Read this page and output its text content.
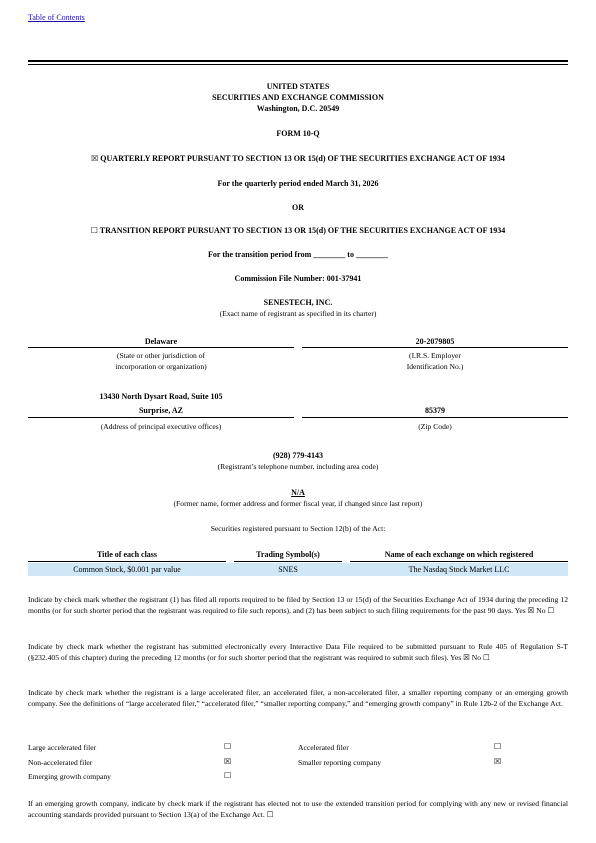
Table of Contents
UNITED STATES
SECURITIES AND EXCHANGE COMMISSION
Washington, D.C. 20549
FORM 10-Q
☒ QUARTERLY REPORT PURSUANT TO SECTION 13 OR 15(d) OF THE SECURITIES EXCHANGE ACT OF 1934
For the quarterly period ended March 31, 2026
OR
☐ TRANSITION REPORT PURSUANT TO SECTION 13 OR 15(d) OF THE SECURITIES EXCHANGE ACT OF 1934
For the transition period from ________ to ________
Commission File Number: 001-37941
SENESTECH, INC.
(Exact name of registrant as specified in its charter)
Delaware	20-2079805
(State or other jurisdiction of
incorporation or organization)
(I.R.S. Employer
Identification No.)
13430 North Dysart Road, Suite 105
Surprise, AZ	85379
(Address of principal executive offices)	(Zip Code)
(928) 779-4143
(Registrant’s telephone number, including area code)
N/A
(Former name, former address and former fiscal year, if changed since last report)
Securities registered pursuant to Section 12(b) of the Act:
Title of each class	Trading Symbol(s)	Name of each exchange on which registered
Common Stock, $0.001 par value	SNES	The Nasdaq Stock Market LLC
Indicate by check mark whether the registrant (1) has filed all reports required to be filed by Section 13 or 15(d) of the Securities Exchange Act of 1934 during the preceding 12 months (or for such shorter period that the registrant was required to file such reports), and (2) has been subject to such filing requirements for the past 90 days. Yes ☒ No ☐
Indicate by check mark whether the registrant has submitted electronically every Interactive Data File required to be submitted pursuant to Rule 405 of Regulation S-T (§232.405 of this chapter) during the preceding 12 months (or for such shorter period that the registrant was required to submit such files). Yes ☒ No ☐
Indicate by check mark whether the registrant is a large accelerated filer, an accelerated filer, a non-accelerated filer, a smaller reporting company or an emerging growth company. See the definitions of “large accelerated filer,” “accelerated filer,” “smaller reporting company,” and “emerging growth company” in Rule 12b-2 of the Exchange Act.
Large accelerated filer	☐	Accelerated filer	☐
Non-accelerated filer	☒	Smaller reporting company	☒
Emerging growth company	☐
If an emerging growth company, indicate by check mark if the registrant has elected not to use the extended transition period for complying with any new or revised financial accounting standards provided pursuant to Section 13(a) of the Exchange Act. ☐
